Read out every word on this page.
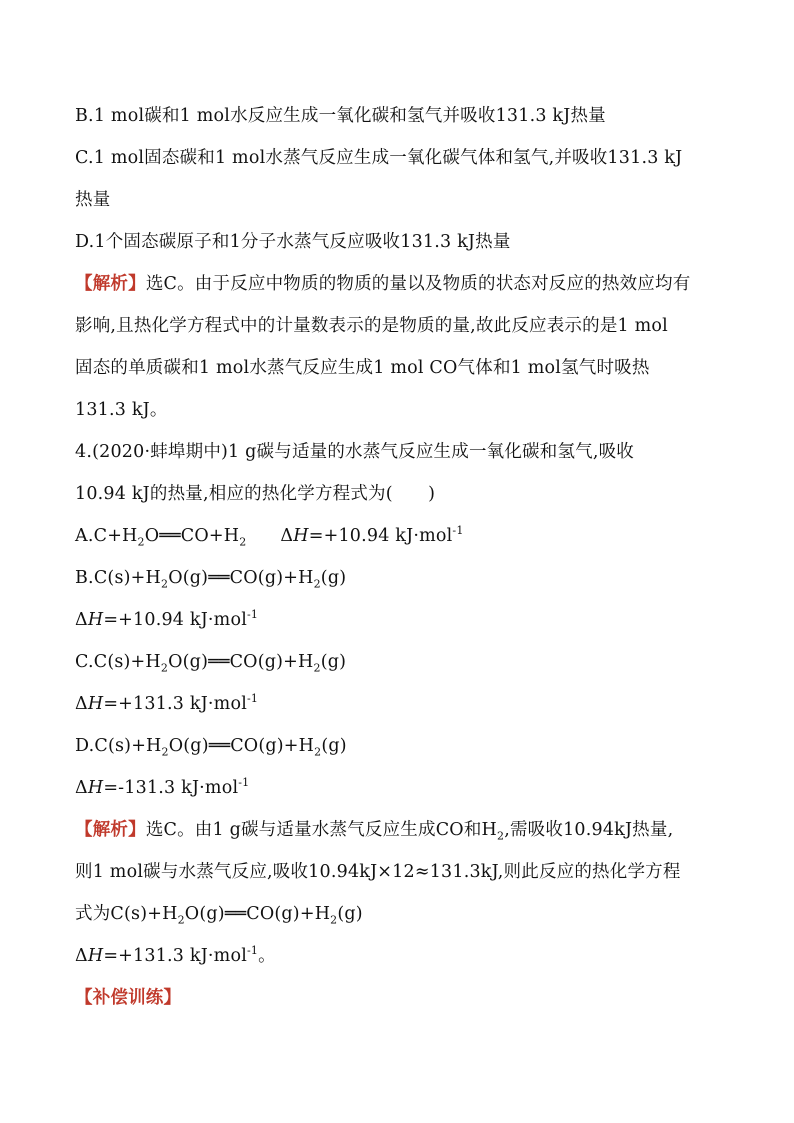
B.1 mol碳和1 mol水反应生成一氧化碳和氢气并吸收131.3 kJ热量
C.1 mol固态碳和1 mol水蒸气反应生成一氧化碳气体和氢气,并吸收131.3 kJ
热量
D.1个固态碳原子和1分子水蒸气反应吸收131.3 kJ热量
【解析】选C。由于反应中物质的物质的量以及物质的状态对反应的热效应均有
影响,且热化学方程式中的计量数表示的是物质的量,故此反应表示的是1 mol
固态的单质碳和1 mol水蒸气反应生成1 mol CO气体和1 mol氢气时吸热
131.3 kJ。
4.(2020·蚌埠期中)1 g碳与适量的水蒸气反应生成一氧化碳和氢气,吸收
10.94 kJ的热量,相应的热化学方程式为(　　)
$A.C+H_2O══CO+H_2$ ΔH=+10.94 kJ·mol$^{-1}$
$B.C(s)+H_2O(g)══CO(g)+H_2(g)$
ΔH=+10.94 kJ·mol$^{-1}$
$C.C(s)+H_2O(g)══CO(g)+H_2(g)$
ΔH=+131.3 kJ·mol$^{-1}$
$D.C(s)+H_2O(g)══CO(g)+H_2(g)$
ΔH=-131.3 kJ·mol$^{-1}$
【解析】选C。由1 g碳与适量水蒸气反应生成CO和$H_2$,需吸收10.94kJ热量,
则1 mol碳与水蒸气反应,吸收10.94kJ×12≈131.3kJ,则此反应的热化学方程
式为$C(s)+H_2O(g)══CO(g)+H_2(g)$
ΔH=+131.3 kJ·mol$^{-1}$。
【补偿训练】
